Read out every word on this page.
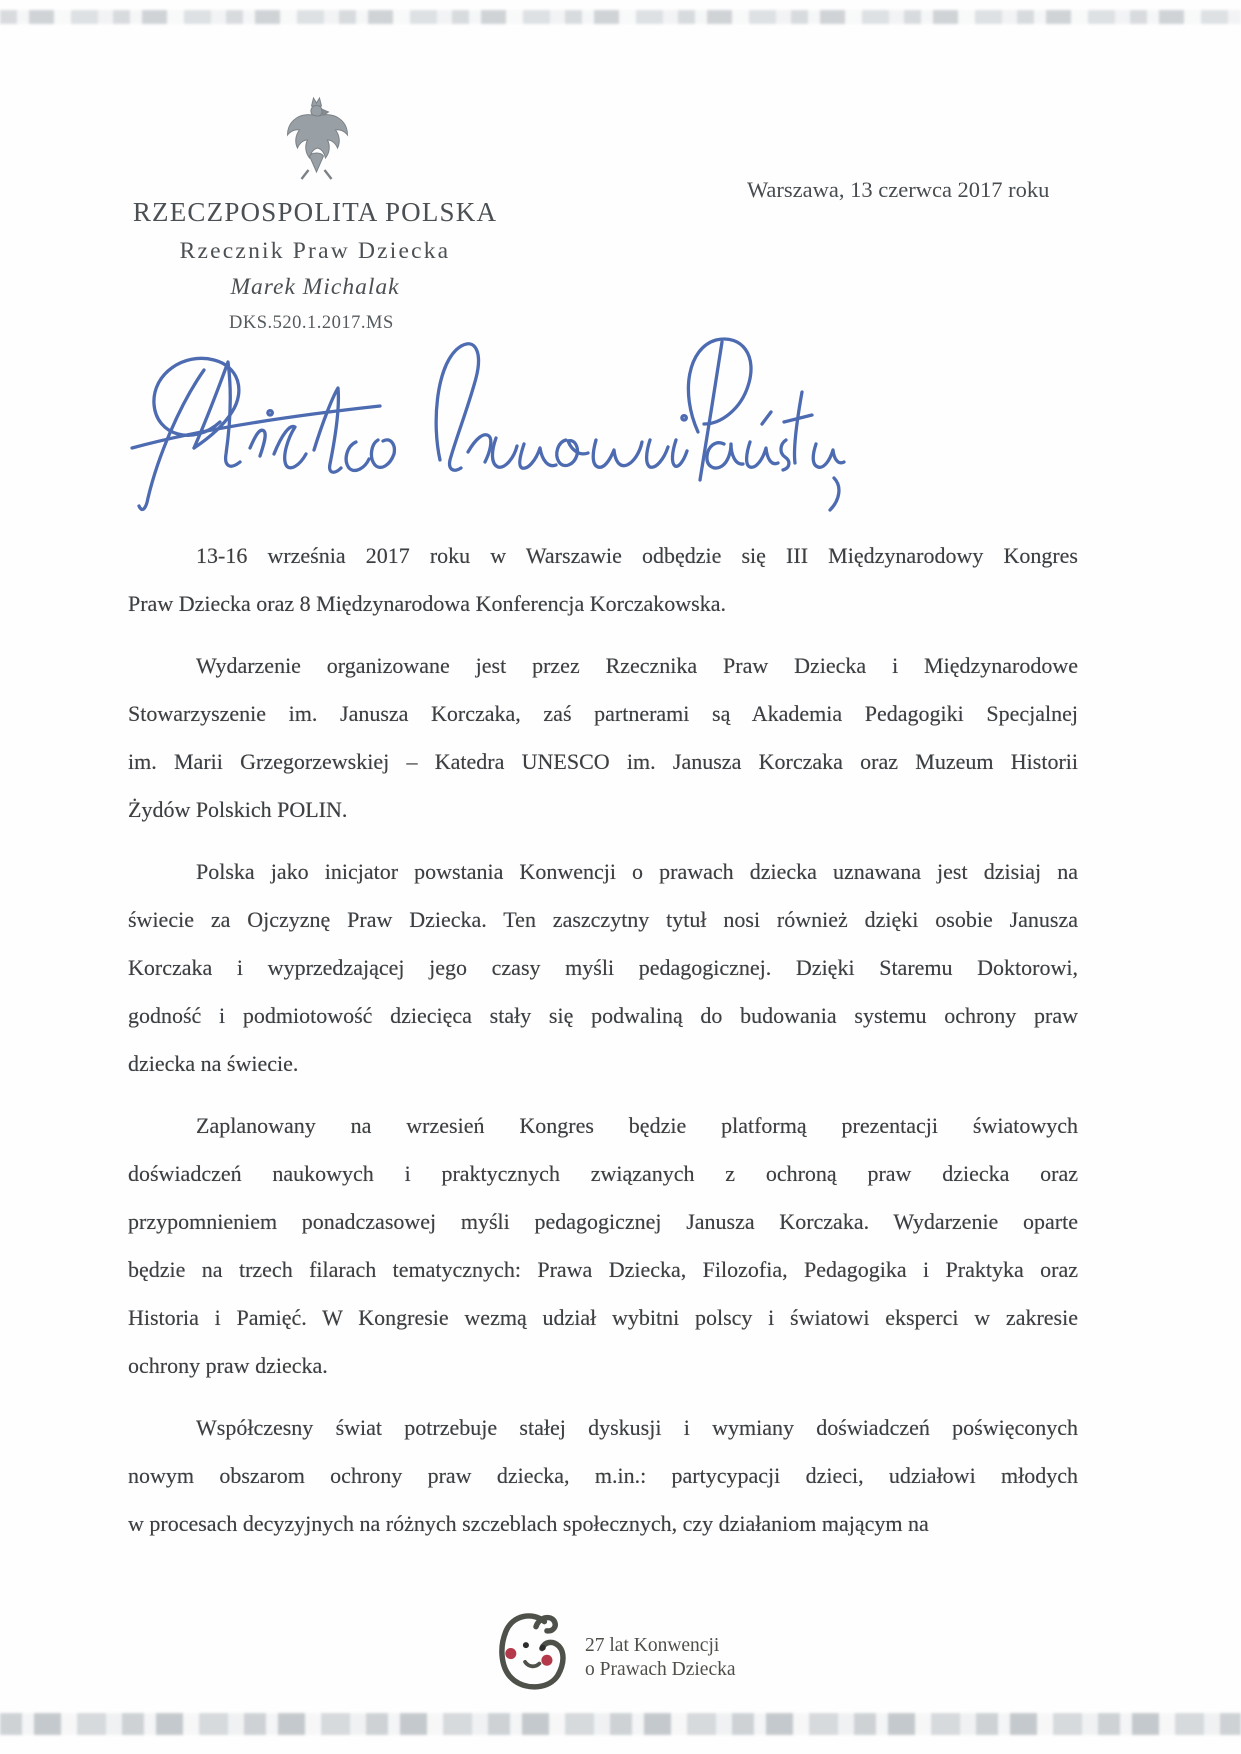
RZECZPOSPOLITA POLSKA
Rzecznik Praw Dziecka
Marek Michalak
DKS.520.1.2017.MS
Warszawa, 13 czerwca 2017 roku
13-16 września 2017 roku w Warszawie odbędzie się III Międzynarodowy Kongres
Praw Dziecka oraz 8 Międzynarodowa Konferencja Korczakowska.
Wydarzenie organizowane jest przez Rzecznika Praw Dziecka i Międzynarodowe
Stowarzyszenie im. Janusza Korczaka, zaś partnerami są Akademia Pedagogiki Specjalnej
im. Marii Grzegorzewskiej – Katedra UNESCO im. Janusza Korczaka oraz Muzeum Historii
Żydów Polskich POLIN.
Polska jako inicjator powstania Konwencji o prawach dziecka uznawana jest dzisiaj na
świecie za Ojczyznę Praw Dziecka. Ten zaszczytny tytuł nosi również dzięki osobie Janusza
Korczaka i wyprzedzającej jego czasy myśli pedagogicznej. Dzięki Staremu Doktorowi,
godność i podmiotowość dziecięca stały się podwaliną do budowania systemu ochrony praw
dziecka na świecie.
Zaplanowany na wrzesień Kongres będzie platformą prezentacji światowych
doświadczeń naukowych i praktycznych związanych z ochroną praw dziecka oraz
przypomnieniem ponadczasowej myśli pedagogicznej Janusza Korczaka. Wydarzenie oparte
będzie na trzech filarach tematycznych: Prawa Dziecka, Filozofia, Pedagogika i Praktyka oraz
Historia i Pamięć. W Kongresie wezmą udział wybitni polscy i światowi eksperci w zakresie
ochrony praw dziecka.
Współczesny świat potrzebuje stałej dyskusji i wymiany doświadczeń poświęconych
nowym obszarom ochrony praw dziecka, m.in.: partycypacji dzieci, udziałowi młodych
w procesach decyzyjnych na różnych szczeblach społecznych, czy działaniom mającym na
27 lat Konwencji
o Prawach Dziecka
